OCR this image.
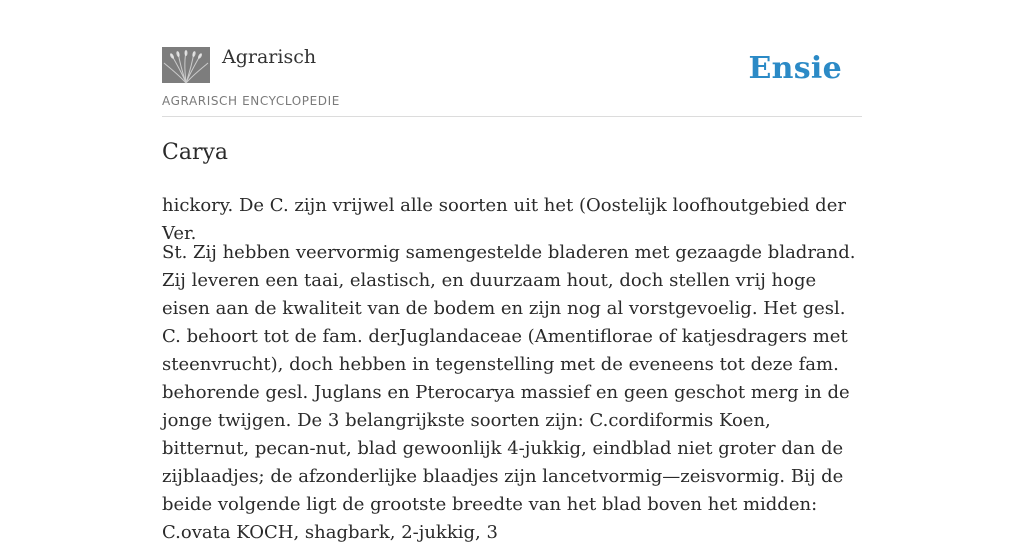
Agrarisch
AGRARISCH ENCYCLOPEDIE
Ensie
Carya

hickory. De C. zijn vrijwel alle soorten uit het (Oostelijk loofhoutgebied der Ver.

St. Zij hebben veervormig samengestelde bladeren met gezaagde bladrand. Zij leveren een taai, elastisch, en duurzaam hout, doch stellen vrij hoge eisen aan de kwaliteit van de bodem en zijn nog al vorstgevoelig. Het gesl. C. behoort tot de fam. derJuglandaceae (Amentiflorae of katjesdragers met steenvrucht), doch hebben in tegenstelling met de eveneens tot deze fam. behorende gesl. Juglans en Pterocarya massief en geen geschot merg in de jonge twijgen. De 3 belangrijkste soorten zijn: C.cordiformis Koen, bitternut, pecan-nut, blad gewoonlijk 4-jukkig, eindblad niet groter dan de zijblaadjes; de afzonderlijke blaadjes zijn lancetvormig—zeisvormig. Bij de beide volgende ligt de grootste breedte van het blad boven het midden: C.ovata KOCH, shagbark, 2-jukkig, 3
